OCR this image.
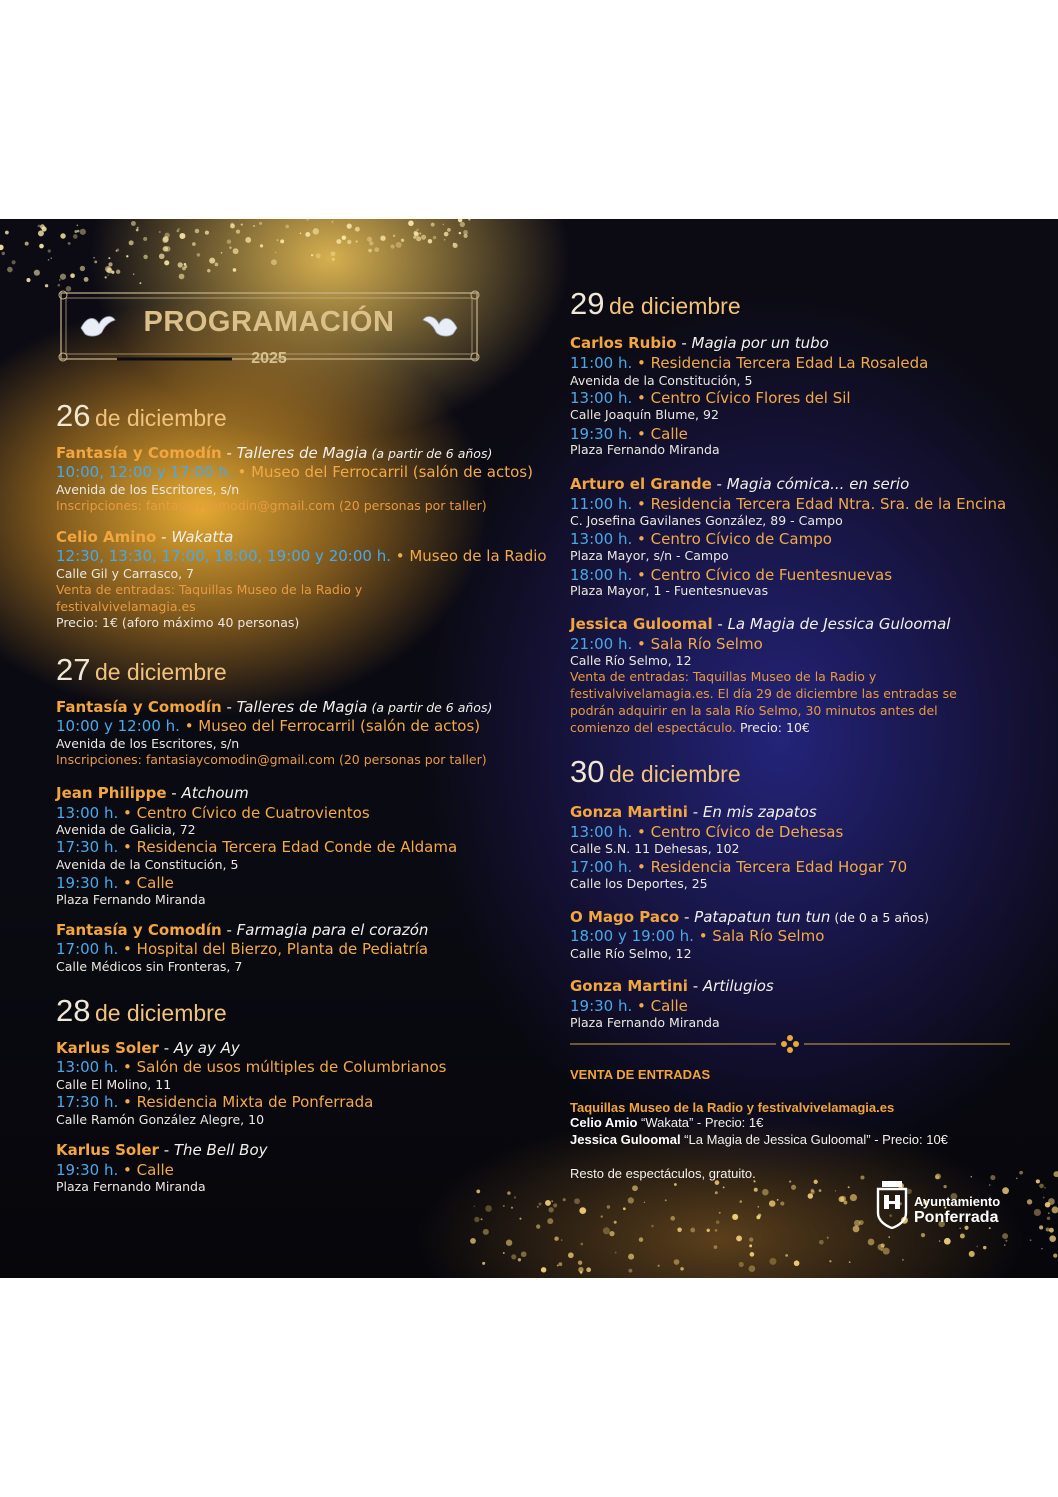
PROGRAMACIÓN
2025
26 de diciembre
Fantasía y Comodín - Talleres de Magia (a partir de 6 años)
10:00, 12:00 y 17:00 h. • Museo del Ferrocarril (salón de actos)
Avenida de los Escritores, s/n
Inscripciones: fantasiaycomodin@gmail.com (20 personas por taller)
Celio Amino - Wakatta
12:30, 13:30, 17:00, 18:00, 19:00 y 20:00 h. • Museo de la Radio
Calle Gil y Carrasco, 7
Venta de entradas: Taquillas Museo de la Radio y
festivalvivelamagia.es
Precio: 1€ (aforo máximo 40 personas)
27 de diciembre
Fantasía y Comodín - Talleres de Magia (a partir de 6 años)
10:00 y 12:00 h. • Museo del Ferrocarril (salón de actos)
Avenida de los Escritores, s/n
Inscripciones: fantasiaycomodin@gmail.com (20 personas por taller)
Jean Philippe - Atchoum
13:00 h. • Centro Cívico de Cuatrovientos
Avenida de Galicia, 72
17:30 h. • Residencia Tercera Edad Conde de Aldama
Avenida de la Constitución, 5
19:30 h. • Calle
Plaza Fernando Miranda
Fantasía y Comodín - Farmagia para el corazón
17:00 h. • Hospital del Bierzo, Planta de Pediatría
Calle Médicos sin Fronteras, 7
28 de diciembre
Karlus Soler - Ay ay Ay
13:00 h. • Salón de usos múltiples de Columbrianos
Calle El Molino, 11
17:30 h. • Residencia Mixta de Ponferrada
Calle Ramón González Alegre, 10
Karlus Soler - The Bell Boy
19:30 h. • Calle
Plaza Fernando Miranda
29 de diciembre
Carlos Rubio - Magia por un tubo
11:00 h. • Residencia Tercera Edad La Rosaleda
Avenida de la Constitución, 5
13:00 h. • Centro Cívico Flores del Sil
Calle Joaquín Blume, 92
19:30 h. • Calle
Plaza Fernando Miranda
Arturo el Grande - Magia cómica... en serio
11:00 h. • Residencia Tercera Edad Ntra. Sra. de la Encina
C. Josefina Gavilanes González, 89 - Campo
13:00 h. • Centro Cívico de Campo
Plaza Mayor, s/n - Campo
18:00 h. • Centro Cívico de Fuentesnuevas
Plaza Mayor, 1 - Fuentesnuevas
Jessica Guloomal - La Magia de Jessica Guloomal
21:00 h. • Sala Río Selmo
Calle Río Selmo, 12
Venta de entradas: Taquillas Museo de la Radio y
festivalvivelamagia.es. El día 29 de diciembre las entradas se
podrán adquirir en la sala Río Selmo, 30 minutos antes del
comienzo del espectáculo. Precio: 10€
30 de diciembre
Gonza Martini - En mis zapatos
13:00 h. • Centro Cívico de Dehesas
Calle S.N. 11 Dehesas, 102
17:00 h. • Residencia Tercera Edad Hogar 70
Calle los Deportes, 25
O Mago Paco - Patapatun tun tun (de 0 a 5 años)
18:00 y 19:00 h. • Sala Río Selmo
Calle Río Selmo, 12
Gonza Martini - Artilugios
19:30 h. • Calle
Plaza Fernando Miranda
VENTA DE ENTRADAS
Taquillas Museo de la Radio y festivalvivelamagia.es
Celio Amio “Wakata” - Precio: 1€
Jessica Guloomal “La Magia de Jessica Guloomal” - Precio: 10€
Resto de espectáculos, gratuito.
Ayuntamiento
Ponferrada
